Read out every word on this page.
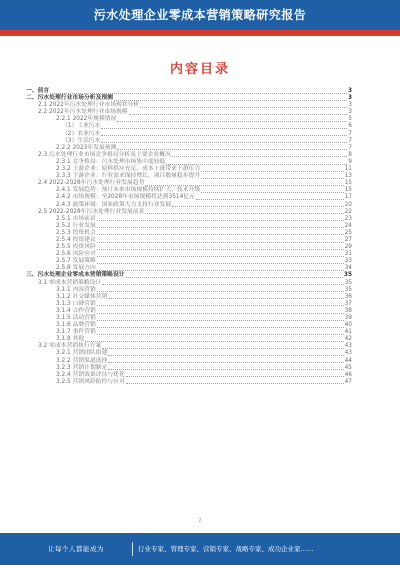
污水处理企业零成本营销策略研究报告
内容目录
一、前言	3
二、污水处理行业市场分析及预测	3
2.1 2022年污水处理行业市场现状分析	3
2.2 2022年污水处理行业市场规模	3
2.2.1 2022年规模情况	5
（1）工业污水	6
（2）农业污水	7
（3）生活污水	7
2.2.2 2023年发展预测	7
2.3 污水处理行业市场竞争格局分析及主要企业概况	8
2.3.1 竞争格局：污水处理市场集中度较低	9
2.3.2 上游企业：原料供应充足，成本上涨带来下游压力	11
2.3.3 下游企业：行业需求保持增长，项目数量稳步提升	13
2.4 2022-2028年污水处理行业发展趋势	15
2.4.1 发展趋势：预计未来市场规模持续扩大，技术升级	15
2.4.2 市场规模：至2028年市场规模将达到3514亿元	17
2.4.3 政策环境：国家政策大力支持行业发展	20
2.5 2022-2028年污水处理行业发展前景	22
2.5.1 市场前景	23
2.5.2 行业发展	24
2.5.3 投资机会	25
2.5.4 投资建议	27
2.5.5 投资风险	29
2.5.6 风险应对	31
2.5.7 发展策略	33
2.5.8 发展方向	34
三、污水处理企业零成本营销策略设计	35
3.1 零成本营销策略设计	35
3.1.1 内容营销	35
3.1.2 社交媒体营销	36
3.1.3 口碑营销	37
3.1.4 合作营销	38
3.1.5 活动营销	39
3.1.6 品牌营销	40
3.1.7 事件营销	41
3.1.8 其他	42
3.2 零成本营销执行方案	43
3.2.1 营销团队组建	43
3.2.2 营销渠道选择	44
3.2.3 营销计划制定	45
3.2.4 营销效果评估与优化	46
3.2.5 营销风险防控与应对	47
2
让每个人都能成为	行业专家、管理专家、营销专家、战略专家、成功企业家……
